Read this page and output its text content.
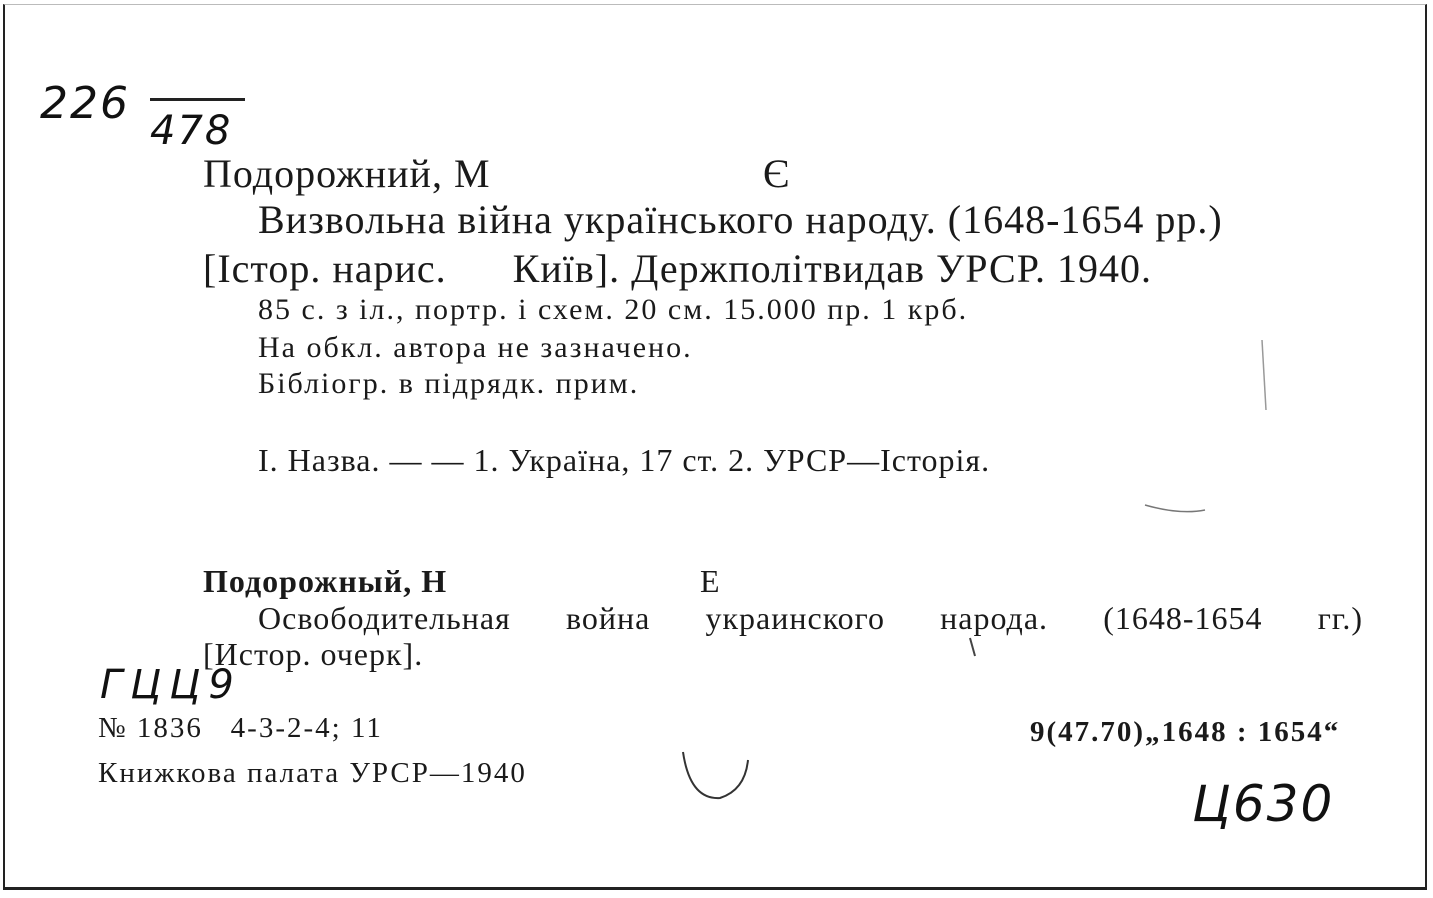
226
478
Подорожний, М	Є
Визвольна війна українського народу. (1648-1654 рр.)
[Істор. нарис.      Київ]. Держполітвидав УРСР. 1940.
85 с. з іл., портр. і схем. 20 см. 15.000 пр. 1 крб.
На обкл. автора не зазначено.
Бібліогр. в підрядк. прим.
I. Назва. — — 1. Україна, 17 ст. 2. УРСР—Історія.
Подорожный, Н	Е
Освободительная война украинского народа. (1648-1654 гг.)
[Истор. очерк].
ГЦЦ9
№ 1836   4-3-2-4; 11	9(47.70)„1648 : 1654“
Книжкова палата УРСР—1940
Ц630
